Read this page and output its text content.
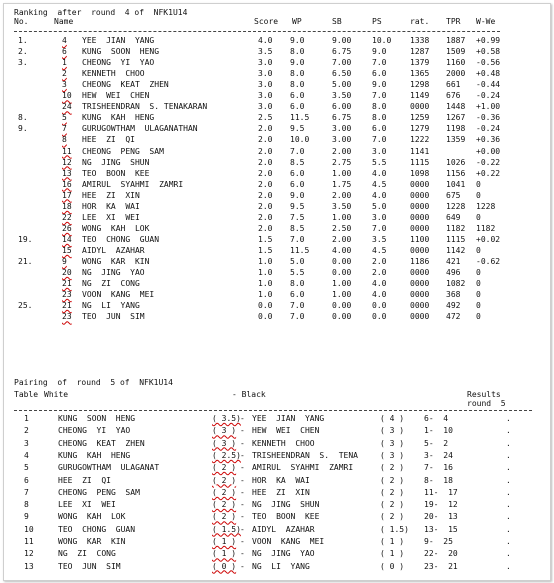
Ranking  after  round  4 of  NFK1U14
No.	Name	Score WP	SB	PS	rat. TPR W-We
1.	4 YEE  JIAN  YANG	4.0 9.0	9.00	10.0 1338 1887 +0.99
2.	6 KUNG  SOON  HENG	3.5 8.0	6.75	9.0	1287 1509 +0.58
3.	1 CHEONG  YI  YAO	3.0 9.0	7.00	7.0	1379 1160 -0.56
2 KENNETH  CHOO	3.0 8.0	6.50	6.0	1365 2000 +0.48
3 CHEONG  KEAT  ZHEN	3.0 8.0	5.00	9.0	1298 661 -0.44
10 HEW  WEI  CHEN	3.0 6.0	3.50	7.0	1149 676 -0.24
24 TRISHEENDRAN  S. TENAKARAN	3.0 6.0	6.00	8.0	0000 1448 +1.00
8.	5 KUNG  KAH  HENG	2.5 11.5	6.75	8.0	1259 1267 -0.36
9.	7 GURUGOWTHAM  ULAGANATHAN	2.0 9.5	3.00	6.0	1279 1198 -0.24
8 HEE  ZI  QI	2.0 10.0	3.00	7.0	1222 1359 +0.36
11 CHEONG  PENG  SAM	2.0 7.0	2.00	3.0	1141	+0.00
12 NG  JING  SHUN	2.0 8.5	2.75	5.5	1115 1026 -0.22
13 TEO  BOON  KEE	2.0 6.0	1.00	4.0	1098 1156 +0.22
16 AMIRUL  SYAHMI  ZAMRI	2.0 6.0	1.75	4.5	0000 1041 0
17 HEE  ZI  XIN	2.0 9.0	2.00	4.0	0000 675 0
18 HOR  KA  WAI	2.0 9.5	3.50	5.0	0000 1228 1228
22 LEE  XI  WEI	2.0 7.5	1.00	3.0	0000 649 0
26 WONG  KAH  LOK	2.0 8.5	2.50	7.0	0000 1182 1182
19.	14 TEO  CHONG  GUAN	1.5 7.0	2.00	3.5	1100 1115 +0.02
15 AIDYL  AZAHAR	1.5 11.5	4.00	4.5	0000 1142 0
21.	9 WONG  KAR  KIN	1.0 5.0	0.00	2.0	1186 421 -0.62
20 NG  JING  YAO	1.0 5.5	0.00	2.0	0000 496 0
21 NG  ZI  CONG	1.0 8.0	1.00	4.0	0000 1082 0
23 VOON  KANG  MEI	1.0 6.0	1.00	4.0	0000 368 0
25.	21 NG  LI  YANG	0.0 7.0	0.00	0.0	0000 492 0
23 TEO  JUN  SIM	0.0 7.0	0.00	0.0	0000 472 0
Pairing  of  round  5 of  NFK1U14
Table White	- Black	Results
round  5
1	KUNG  SOON  HENG	( 3.5) YEE  JIAN  YANG	( 4 ) 6-  4	.
-
2	CHEONG  YI  YAO	( 3 ) HEW  WEI  CHEN	( 3 ) 1-  10	.
-
3	CHEONG  KEAT  ZHEN	( 3 ) KENNETH  CHOO	( 3 ) 5-  2	.
-
4	KUNG  KAH  HENG	( 2.5) TRISHEENDRAN  S.  TENA	( 3 ) 3-  24	.
-
5	GURUGOWTHAM  ULAGANAT	( 2 ) AMIRUL  SYAHMI  ZAMRI	( 2 ) 7-  16	.
-
6	HEE  ZI  QI	( 2 ) HOR  KA  WAI	( 2 ) 8-  18	.
-
7	CHEONG  PENG  SAM	( 2 ) HEE  ZI  XIN	( 2 ) 11-  17	.
-
8	LEE  XI  WEI	( 2 ) NG  JING  SHUN	( 2 ) 19-  12	.
-
9	WONG  KAH  LOK	( 2 ) TEO  BOON  KEE	( 2 ) 20-  13	.
-
10	TEO  CHONG  GUAN	( 1.5) AIDYL  AZAHAR	( 1.5) 13-  15	.
-
11	WONG  KAR  KIN	( 1 ) VOON  KANG  MEI	( 1 ) 9-  25	.
-
12	NG  ZI  CONG	( 1 ) NG  JING  YAO	( 1 ) 22-  20	.
-
13	TEO  JUN  SIM	( 0 ) NG  LI  YANG	( 0 ) 23-  21	.
-
